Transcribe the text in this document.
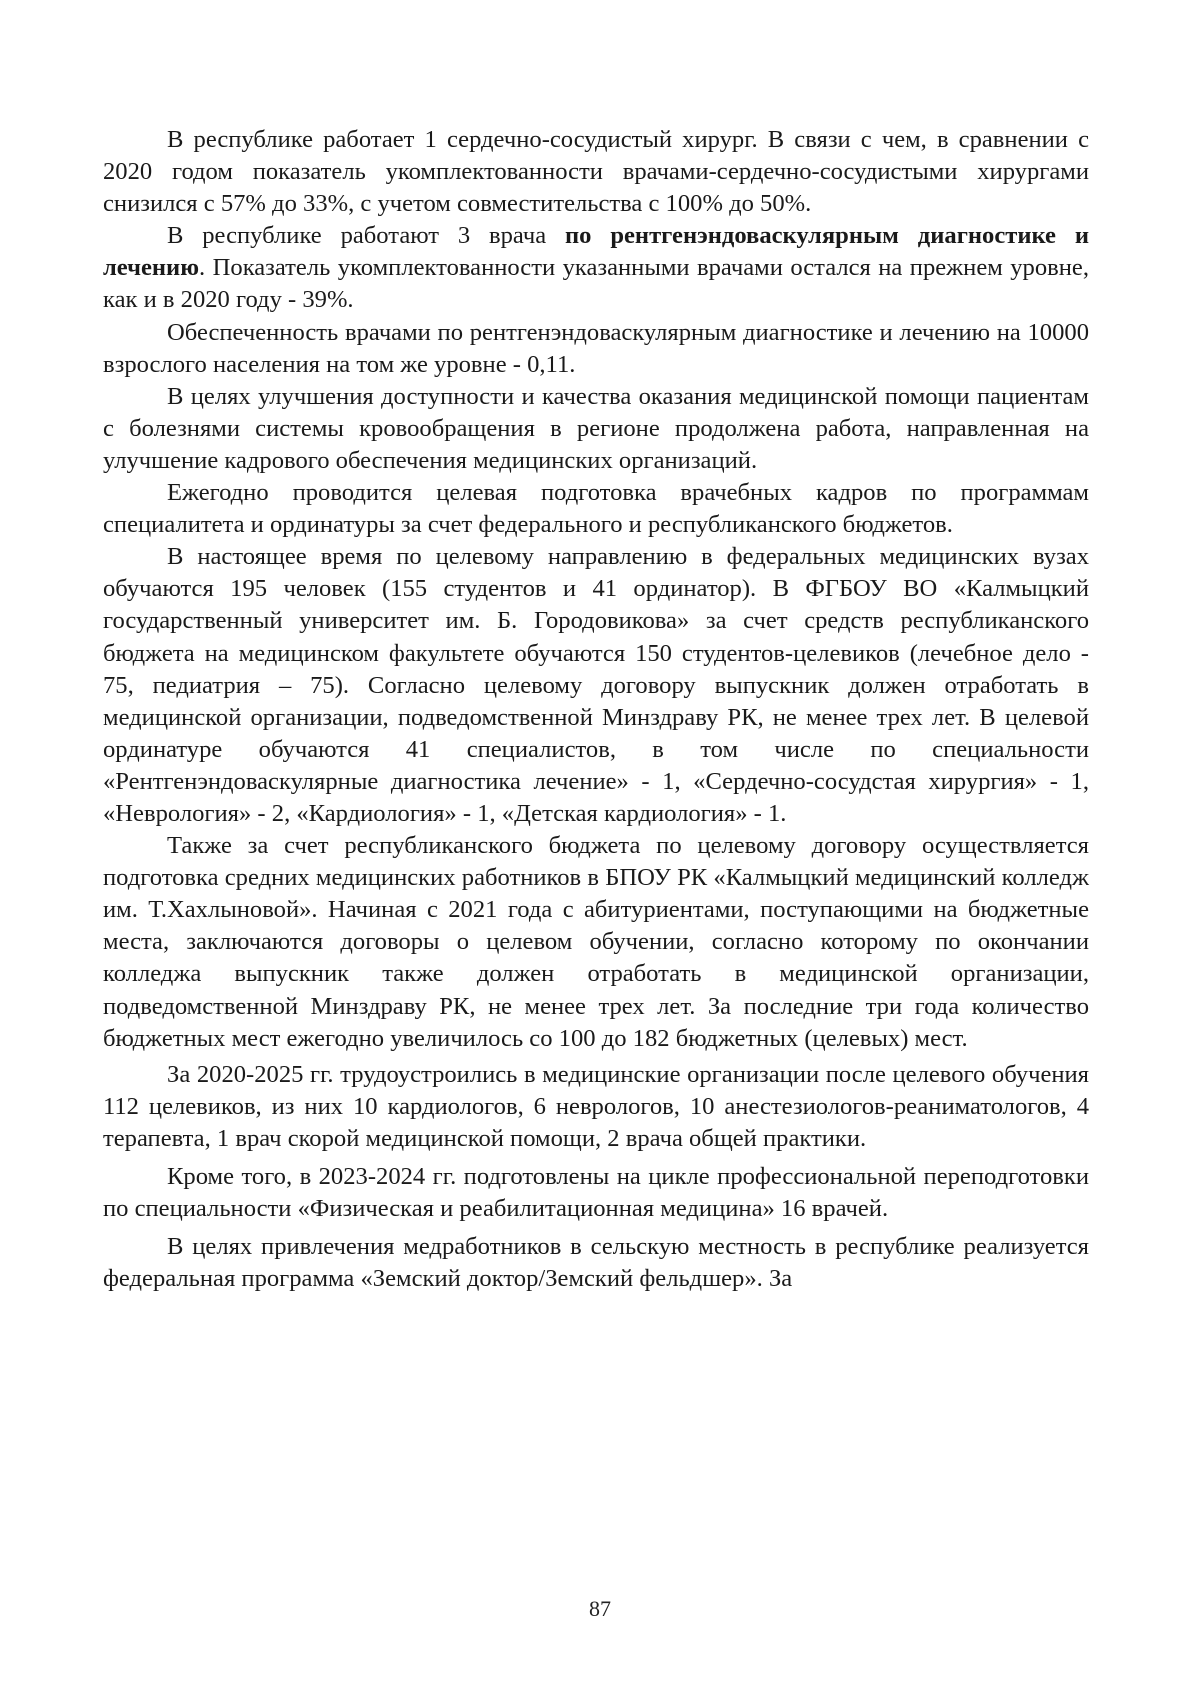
В республике работает 1 сердечно-сосудистый хирург. В связи с чем, в сравнении с 2020 годом показатель укомплектованности врачами-сердечно-сосудистыми хирургами снизился с 57% до 33%, с учетом совместительства с 100% до 50%.

В республике работают 3 врача по рентгенэндоваскулярным диагностике и лечению. Показатель укомплектованности указанными врачами остался на прежнем уровне, как и в 2020 году - 39%.

Обеспеченность врачами по рентгенэндоваскулярным диагностике и лечению на 10000 взрослого населения на том же уровне - 0,11.

В целях улучшения доступности и качества оказания медицинской помощи пациентам с болезнями системы кровообращения в регионе продолжена работа, направленная на улучшение кадрового обеспечения медицинских организаций.

Ежегодно проводится целевая подготовка врачебных кадров по программам специалитета и ординатуры за счет федерального и республиканского бюджетов.

В настоящее время по целевому направлению в федеральных медицинских вузах обучаются 195 человек (155 студентов и 41 ординатор). В ФГБОУ ВО «Калмыцкий государственный университет им. Б. Городовикова» за счет средств республиканского бюджета на медицинском факультете обучаются 150 студентов-целевиков (лечебное дело - 75, педиатрия – 75). Согласно целевому договору выпускник должен отработать в медицинской организации, подведомственной Минздраву РК, не менее трех лет. В целевой ординатуре обучаются 41 специалистов, в том числе по специальности «Рентгенэндоваскулярные диагностика лечение» - 1, «Сердечно-сосудстая хирургия» - 1, «Неврология» - 2, «Кардиология» - 1, «Детская кардиология» - 1.

Также за счет республиканского бюджета по целевому договору осуществляется подготовка средних медицинских работников в БПОУ РК «Калмыцкий медицинский колледж им. Т.Хахлыновой». Начиная с 2021 года с абитуриентами, поступающими на бюджетные места, заключаются договоры о целевом обучении, согласно которому по окончании колледжа выпускник также должен отработать в медицинской организации, подведомственной Минздраву РК, не менее трех лет. За последние три года количество бюджетных мест ежегодно увеличилось со 100 до 182 бюджетных (целевых) мест.

За 2020-2025 гг. трудоустроились в медицинские организации после целевого обучения 112 целевиков, из них 10 кардиологов, 6 неврологов, 10 анестезиологов-реаниматологов, 4 терапевта, 1 врач скорой медицинской помощи, 2 врача общей практики.

Кроме того, в 2023-2024 гг. подготовлены на цикле профессиональной переподготовки по специальности «Физическая и реабилитационная медицина» 16 врачей.

В целях привлечения медработников в сельскую местность в республике реализуется федеральная программа «Земский доктор/Земский фельдшер». За

87
